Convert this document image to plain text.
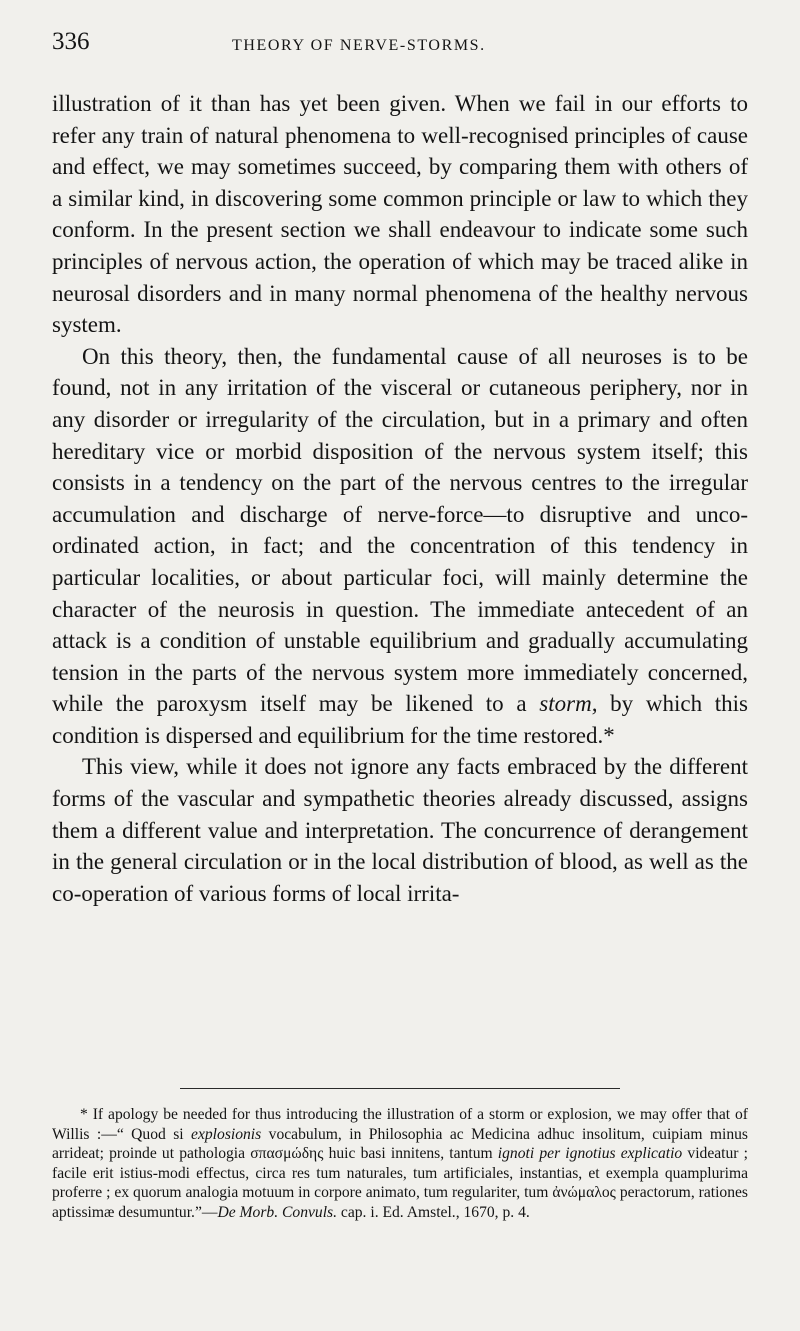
336	THEORY OF NERVE-STORMS.

illustration of it than has yet been given. When we fail in our efforts to refer any train of natural phenomena to well-recognised principles of cause and effect, we may sometimes succeed, by comparing them with others of a similar kind, in discovering some common principle or law to which they conform. In the present section we shall endeavour to indicate some such principles of nervous action, the operation of which may be traced alike in neurosal disorders and in many normal phenomena of the healthy nervous system.

On this theory, then, the fundamental cause of all neuroses is to be found, not in any irritation of the visceral or cutaneous periphery, nor in any disorder or irregularity of the circulation, but in a primary and often hereditary vice or morbid disposition of the nervous system itself; this consists in a tendency on the part of the nervous centres to the irregular accumulation and discharge of nerve-force—to disruptive and unco-ordinated action, in fact; and the concentration of this tendency in particular localities, or about particular foci, will mainly determine the character of the neurosis in question. The immediate antecedent of an attack is a condition of unstable equilibrium and gradually accumulating tension in the parts of the nervous system more immediately concerned, while the paroxysm itself may be likened to a storm, by which this condition is dispersed and equilibrium for the time restored.*

This view, while it does not ignore any facts embraced by the different forms of the vascular and sympathetic theories already discussed, assigns them a different value and interpretation. The concurrence of derangement in the general circulation or in the local distribution of blood, as well as the co-operation of various forms of local irrita-

* If apology be needed for thus introducing the illustration of a storm or explosion, we may offer that of Willis :—“ Quod si explosionis vocabulum, in Philosophia ac Medicina adhuc insolitum, cuipiam minus arrideat; proinde ut pathologia σπασμώδης huic basi innitens, tantum ignoti per ignotius explicatio videatur ; facile erit istius-modi effectus, circa res tum naturales, tum artificiales, instantias, et exempla quamplurima proferre ; ex quorum analogia motuum in corpore animato, tum regulariter, tum ἀνώμαλος peractorum, rationes aptissimæ desumuntur.”—De Morb. Convuls. cap. i. Ed. Amstel., 1670, p. 4.
